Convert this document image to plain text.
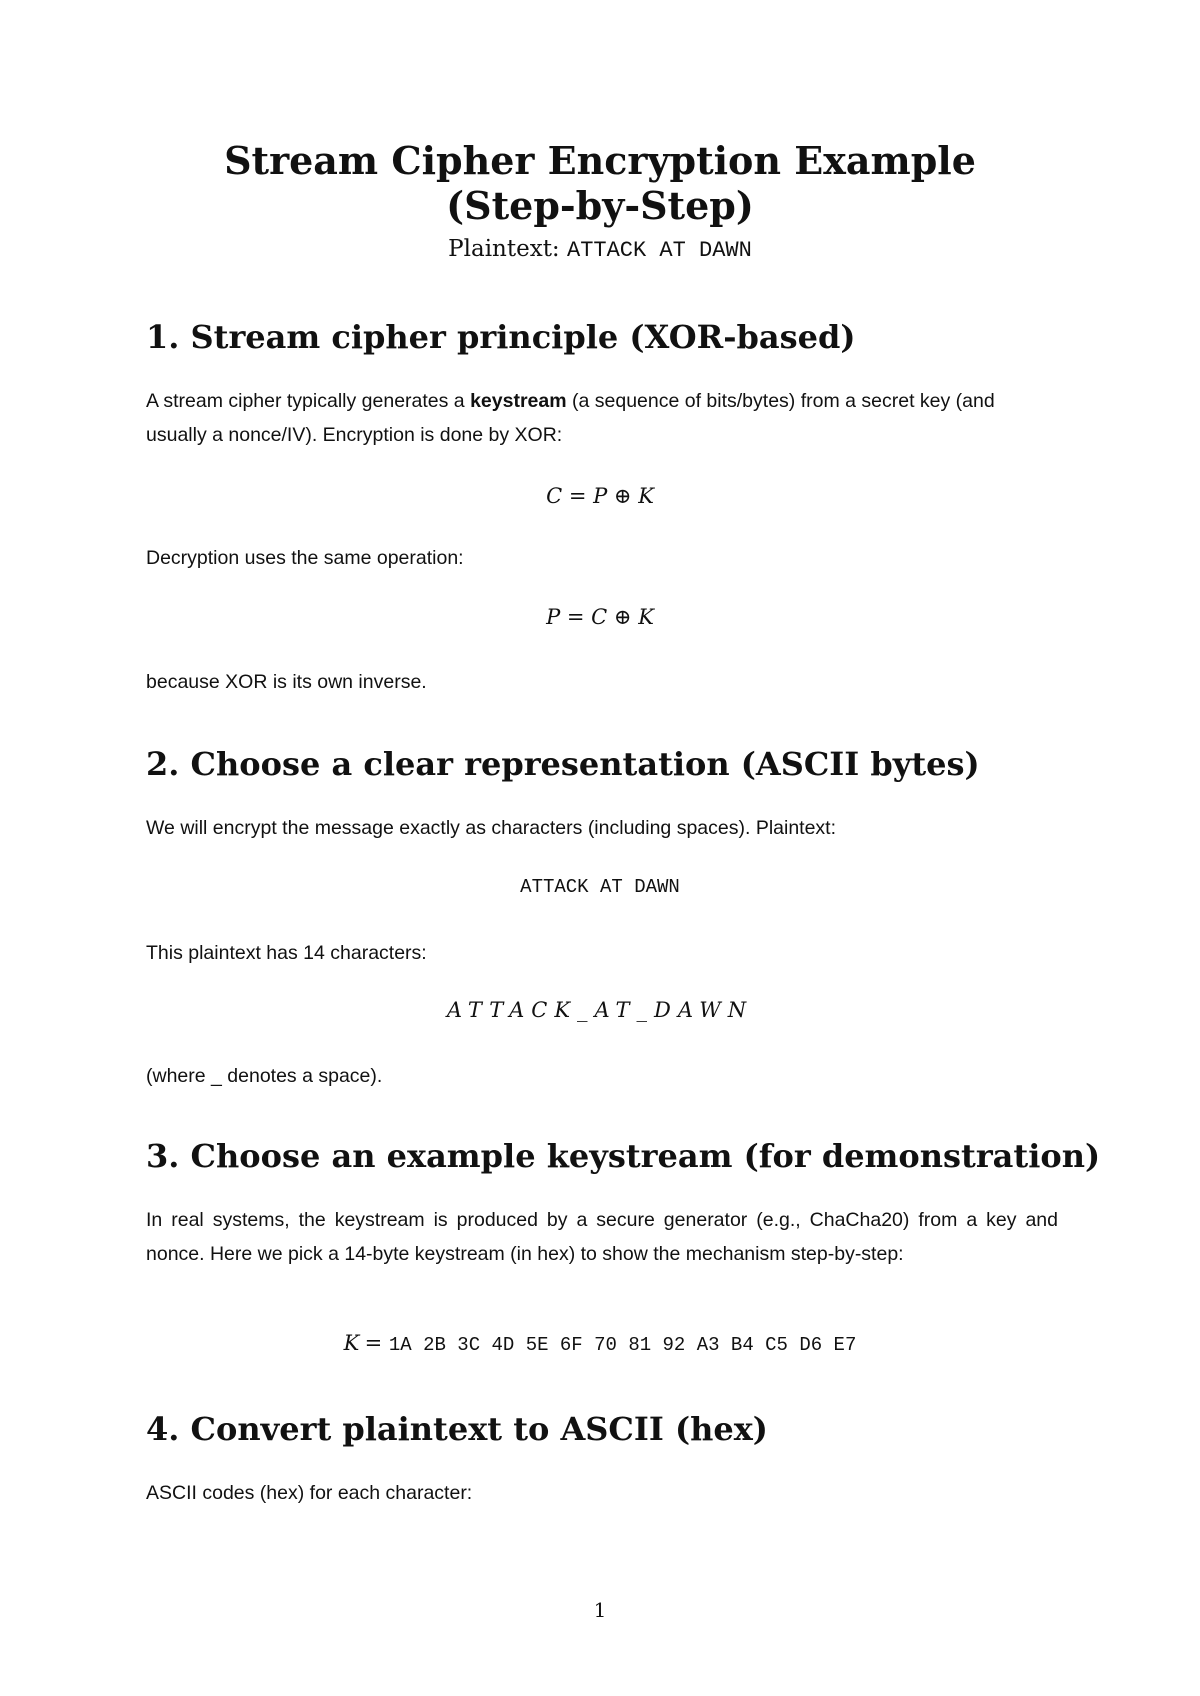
Stream Cipher Encryption Example
(Step-by-Step)
Plaintext: ATTACK AT DAWN
1. Stream cipher principle (XOR-based)
A stream cipher typically generates a keystream (a sequence of bits/bytes) from a secret key (and usually a nonce/IV). Encryption is done by XOR:
C = P ⊕ K
Decryption uses the same operation:
P = C ⊕ K
because XOR is its own inverse.
2. Choose a clear representation (ASCII bytes)
We will encrypt the message exactly as characters (including spaces). Plaintext:
ATTACK AT DAWN
This plaintext has 14 characters:
ATTACK_AT_DAWN
(where _ denotes a space).
3. Choose an example keystream (for demonstration)
In real systems, the keystream is produced by a secure generator (e.g., ChaCha20) from a key and nonce. Here we pick a 14-byte keystream (in hex) to show the mechanism step-by-step:
K = 1A 2B 3C 4D 5E 6F 70 81 92 A3 B4 C5 D6 E7
4. Convert plaintext to ASCII (hex)
ASCII codes (hex) for each character:
1
